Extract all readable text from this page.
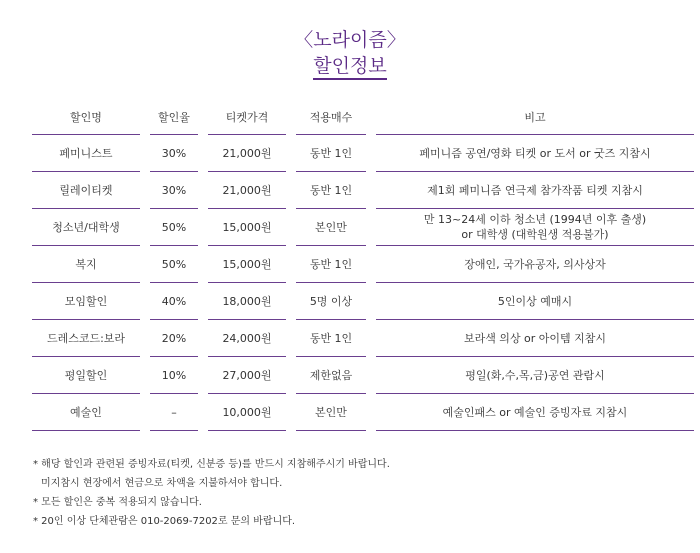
〈노라이즘〉
할인정보
할인명		할인율		티켓가격		적용매수		비고
페미니스트		30%		21,000원		동반 1인		페미니즘 공연/영화 티켓 or 도서 or 굿즈 지참시

릴레이티켓		30%		21,000원		동반 1인		제1회 페미니즘 연극제 참가작품 티켓 지참시

청소년/대학생		50%		15,000원		본인만		만 13~24세 이하 청소년 (1994년 이후 출생)
or 대학생 (대학원생 적용불가)

복지		50%		15,000원		동반 1인		장애인, 국가유공자, 의사상자

모임할인		40%		18,000원		5명 이상		5인이상 예매시

드레스코드:보라		20%		24,000원		동반 1인		보라색 의상 or 아이템 지참시

평일할인		10%		27,000원		제한없음		평일(화,수,목,금)공연 관람시

예술인		–		10,000원		본인만		예술인패스 or 예술인 증빙자료 지참시
* 해당 할인과 관련된 증빙자료(티켓, 신분증 등)를 반드시 지참해주시기 바랍니다.
미지참시 현장에서 현금으로 차액을 지불하셔야 합니다.
* 모든 할인은 중복 적용되지 않습니다.
* 20인 이상 단체관람은 010-2069-7202로 문의 바랍니다.
